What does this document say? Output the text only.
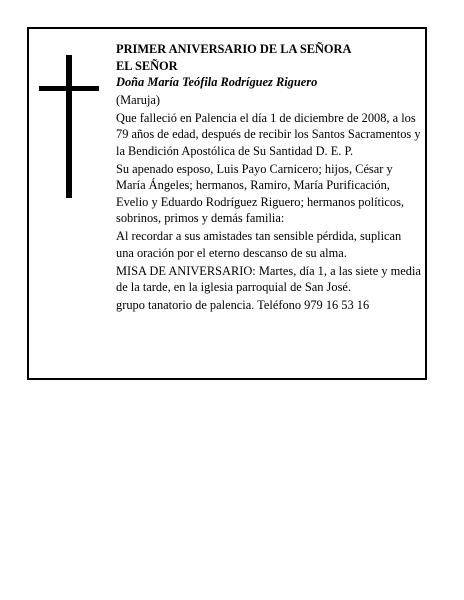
PRIMER ANIVERSARIO DE LA SEÑORA

EL SEÑOR

Doña María Teófila Rodríguez Riguero

(Maruja)

Que falleció en Palencia el día 1 de diciembre de 2008, a los 79 años de edad, después de recibir los Santos Sacramentos y la Bendición Apostólica de Su Santidad D. E. P.

Su apenado esposo, Luis Payo Carnicero; hijos, César y María Ángeles; hermanos, Ramiro, María Purificación, Evelio y Eduardo Rodríguez Riguero; hermanos políticos, sobrinos, primos y demás familia:

Al recordar a sus amistades tan sensible pérdida, suplican una oración por el eterno descanso de su alma.

MISA DE ANIVERSARIO: Martes, día 1, a las siete y media de la tarde, en la iglesia parroquial de San José.

grupo tanatorio de palencia. Teléfono 979 16 53 16
